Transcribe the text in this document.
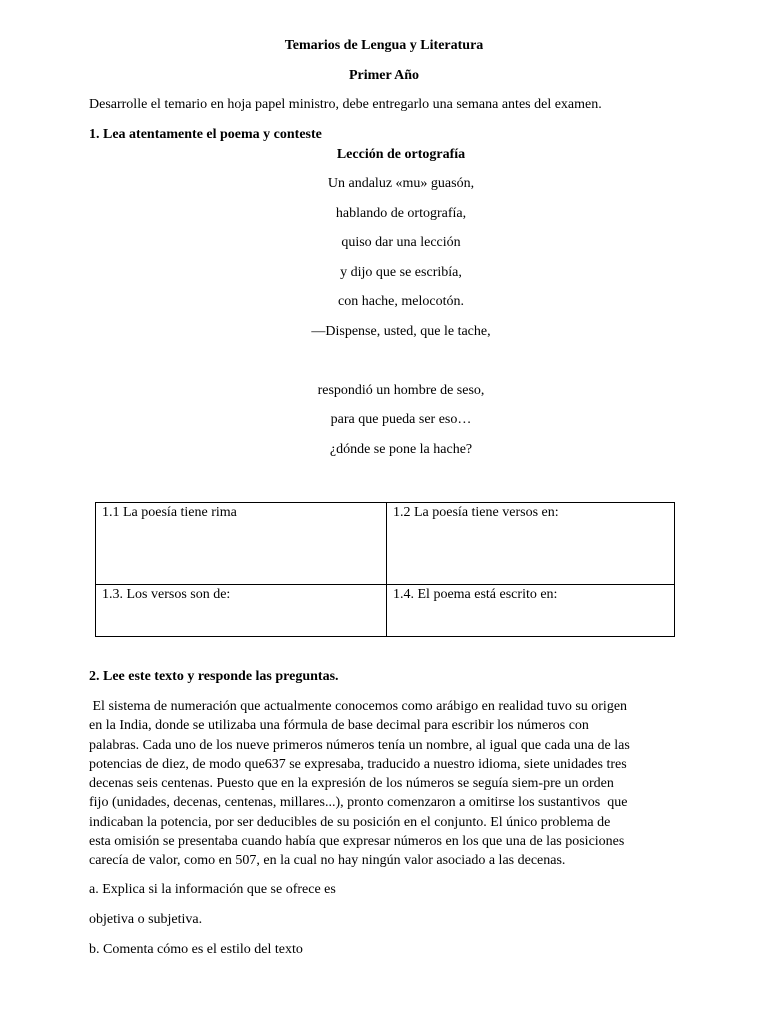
Temarios de Lengua y Literatura
Primer Año
Desarrolle el temario en hoja papel ministro, debe entregarlo una semana antes del examen.
1. Lea atentamente el poema y conteste
Lección de ortografía
Un andaluz «mu» guasón,
hablando de ortografía,
quiso dar una lección
y dijo que se escribía,
con hache, melocotón.
—Dispense, usted, que le tache,
respondió un hombre de seso,
para que pueda ser eso…
¿dónde se pone la hache?
1.1 La poesía tiene rima	1.2 La poesía tiene versos en:
1.3. Los versos son de:	1.4. El poema está escrito en:
2. Lee este texto y responde las preguntas.
El sistema de numeración que actualmente conocemos como arábigo en realidad tuvo su origen
en la India, donde se utilizaba una fórmula de base decimal para escribir los números con
palabras. Cada uno de los nueve primeros números tenía un nombre, al igual que cada una de las
potencias de diez, de modo que637 se expresaba, traducido a nuestro idioma, siete unidades tres
decenas seis centenas. Puesto que en la expresión de los números se seguía siem-pre un orden
fijo (unidades, decenas, centenas, millares...), pronto comenzaron a omitirse los sustantivos  que
indicaban la potencia, por ser deducibles de su posición en el conjunto. El único problema de
esta omisión se presentaba cuando había que expresar números en los que una de las posiciones
carecía de valor, como en 507, en la cual no hay ningún valor asociado a las decenas.
a. Explica si la información que se ofrece es
objetiva o subjetiva.
b. Comenta cómo es el estilo del texto
